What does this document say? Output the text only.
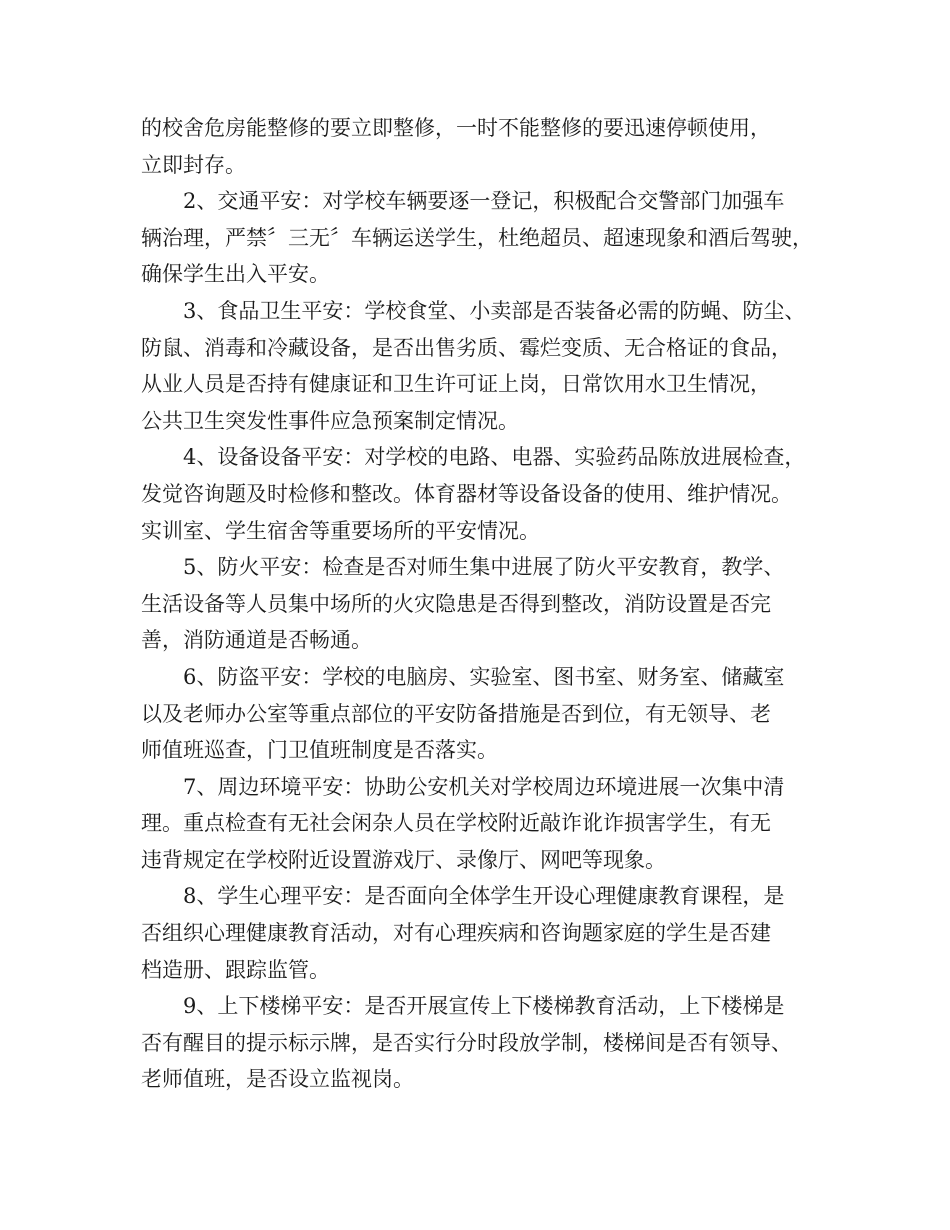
的校舍危房能整修的要立即整修，一时不能整修的要迅速停顿使用，
立即封存。

2、交通平安：对学校车辆要逐一登记，积极配合交警部门加强车
辆治理，严禁〞三无〞车辆运送学生，杜绝超员、超速现象和酒后驾驶，
确保学生出入平安。

3、食品卫生平安：学校食堂、小卖部是否装备必需的防蝇、防尘、
防鼠、消毒和冷藏设备，是否出售劣质、霉烂变质、无合格证的食品，
从业人员是否持有健康证和卫生许可证上岗，日常饮用水卫生情况，
公共卫生突发性事件应急预案制定情况。

4、设备设备平安：对学校的电路、电器、实验药品陈放进展检查，
发觉咨询题及时检修和整改。体育器材等设备设备的使用、维护情况。
实训室、学生宿舍等重要场所的平安情况。

5、防火平安：检查是否对师生集中进展了防火平安教育，教学、
生活设备等人员集中场所的火灾隐患是否得到整改，消防设置是否完
善，消防通道是否畅通。

6、防盗平安：学校的电脑房、实验室、图书室、财务室、储藏室
以及老师办公室等重点部位的平安防备措施是否到位，有无领导、老
师值班巡查，门卫值班制度是否落实。

7、周边环境平安：协助公安机关对学校周边环境进展一次集中清
理。重点检查有无社会闲杂人员在学校附近敲诈讹诈损害学生，有无
违背规定在学校附近设置游戏厅、录像厅、网吧等现象。

8、学生心理平安：是否面向全体学生开设心理健康教育课程，是
否组织心理健康教育活动，对有心理疾病和咨询题家庭的学生是否建
档造册、跟踪监管。

9、上下楼梯平安：是否开展宣传上下楼梯教育活动，上下楼梯是
否有醒目的提示标示牌，是否实行分时段放学制，楼梯间是否有领导、
老师值班，是否设立监视岗。
